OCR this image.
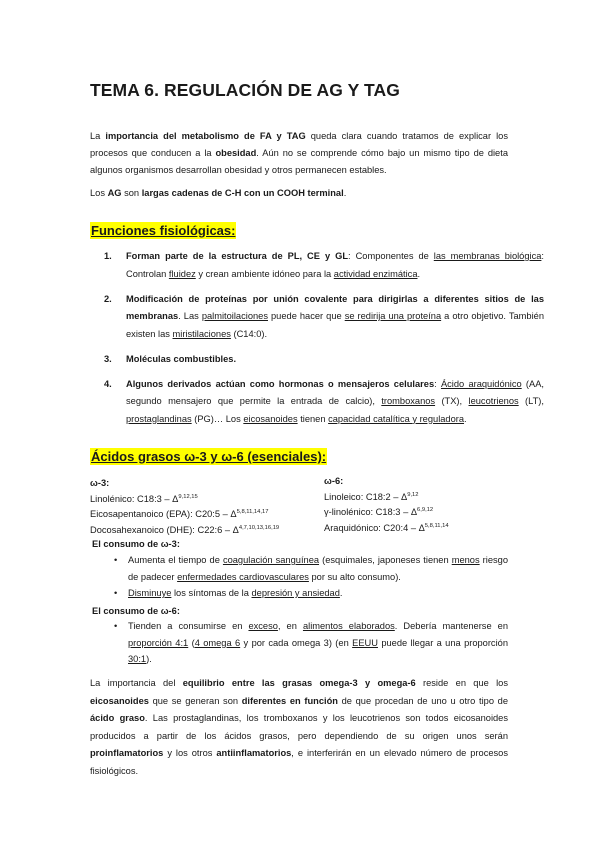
TEMA 6. REGULACIÓN DE AG Y TAG

La importancia del metabolismo de FA y TAG queda clara cuando tratamos de explicar los procesos que conducen a la obesidad. Aún no se comprende cómo bajo un mismo tipo de dieta algunos organismos desarrollan obesidad y otros permanecen estables.

Los AG son largas cadenas de C-H con un COOH terminal.

Funciones fisiológicas:
1. Forman parte de la estructura de PL, CE y GL: Componentes de las membranas biológica: Controlan fluidez y crean ambiente idóneo para la actividad enzimática.
2. Modificación de proteínas por unión covalente para dirigirlas a diferentes sitios de las membranas. Las palmitoilaciones puede hacer que se redirija una proteína a otro objetivo. También existen las miristilaciones (C14:0).
3. Moléculas combustibles.
4. Algunos derivados actúan como hormonas o mensajeros celulares: Ácido araquidónico (AA, segundo mensajero que permite la entrada de calcio), tromboxanos (TX), leucotrienos (LT), prostaglandinas (PG)… Los eicosanoides tienen capacidad catalítica y reguladora.
Ácidos grasos ω-3 y ω-6 (esenciales):
ω-3:
Linolénico: C18:3 – Δ$^{9,12,15}$
Eicosapentanoico (EPA): C20:5 – Δ$^{5,8,11,14,17}$
Docosahexanoico (DHE): C22:6 – Δ$^{4,7,10,13,16,19}$
ω-6:
Linoleico: C18:2 – Δ$^{9,12}$
γ-linolénico: C18:3 – Δ$^{6,9,12}$
Araquidónico: C20:4 – Δ$^{5,8,11,14}$
El consumo de ω-3:
• Aumenta el tiempo de coagulación sanguínea (esquimales, japoneses tienen menos riesgo de padecer enfermedades cardiovasculares por su alto consumo).
• Disminuye los síntomas de la depresión y ansiedad.
El consumo de ω-6:
• Tienden a consumirse en exceso, en alimentos elaborados. Debería mantenerse en proporción 4:1 (4 omega 6 y por cada omega 3) (en EEUU puede llegar a una proporción 30:1).

La importancia del equilibrio entre las grasas omega-3 y omega-6 reside en que los eicosanoides que se generan son diferentes en función de que procedan de uno u otro tipo de ácido graso. Las prostaglandinas, los tromboxanos y los leucotrienos son todos eicosanoides producidos a partir de los ácidos grasos, pero dependiendo de su origen unos serán proinflamatorios y los otros antiinflamatorios, e interferirán en un elevado número de procesos fisiológicos.
